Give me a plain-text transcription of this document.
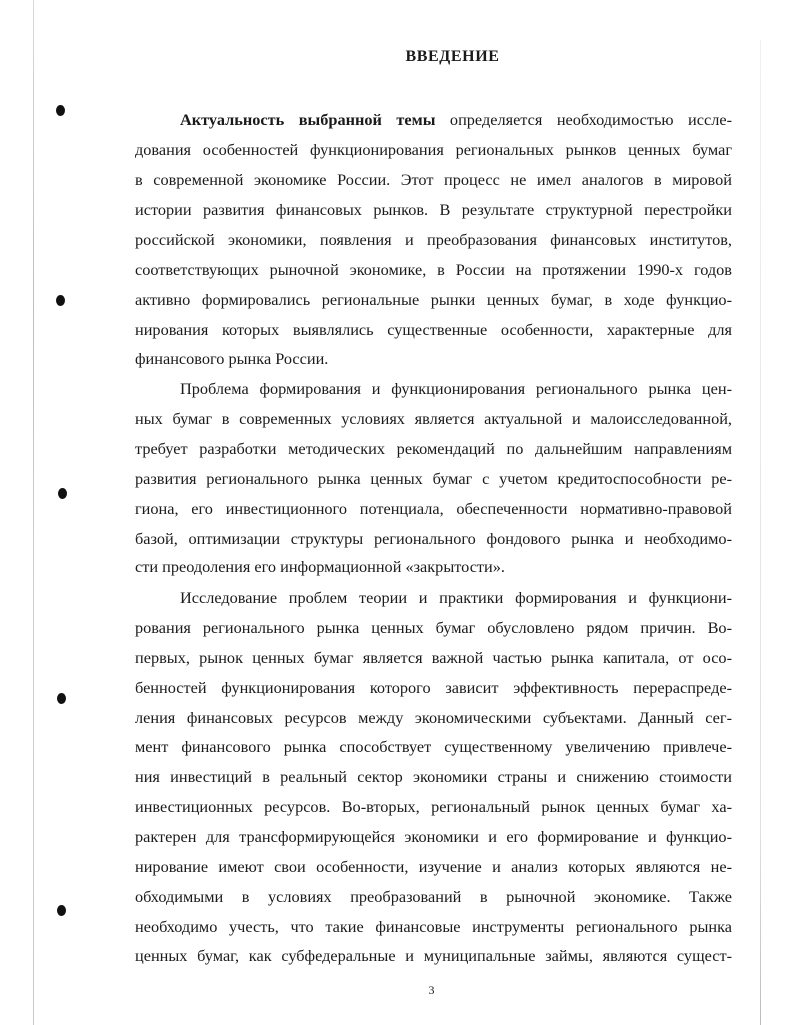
ВВЕДЕНИЕ
Актуальность выбранной темы определяется необходимостью иссле-
дования особенностей функционирования региональных рынков ценных бумаг
в современной экономике России. Этот процесс не имел аналогов в мировой
истории развития финансовых рынков. В результате структурной перестройки
российской экономики, появления и преобразования финансовых институтов,
соответствующих рыночной экономике, в России на протяжении 1990-х годов
активно формировались региональные рынки ценных бумаг, в ходе функцио-
нирования которых выявлялись существенные особенности, характерные для
финансового рынка России.
Проблема формирования и функционирования регионального рынка цен-
ных бумаг в современных условиях является актуальной и малоисследованной,
требует разработки методических рекомендаций по дальнейшим направлениям
развития регионального рынка ценных бумаг с учетом кредитоспособности ре-
гиона, его инвестиционного потенциала, обеспеченности нормативно-правовой
базой, оптимизации структуры регионального фондового рынка и необходимо-
сти преодоления его информационной «закрытости».
Исследование проблем теории и практики формирования и функциони-
рования регионального рынка ценных бумаг обусловлено рядом причин. Во-
первых, рынок ценных бумаг является важной частью рынка капитала, от осо-
бенностей функционирования которого зависит эффективность перераспреде-
ления финансовых ресурсов между экономическими субъектами. Данный сег-
мент финансового рынка способствует существенному увеличению привлече-
ния инвестиций в реальный сектор экономики страны и снижению стоимости
инвестиционных ресурсов. Во-вторых, региональный рынок ценных бумаг ха-
рактерен для трансформирующейся экономики и его формирование и функцио-
нирование имеют свои особенности, изучение и анализ которых являются не-
обходимыми в условиях преобразований в рыночной экономике. Также
необходимо учесть, что такие финансовые инструменты регионального рынка
ценных бумаг, как субфедеральные и муниципальные займы, являются сущест-
3
